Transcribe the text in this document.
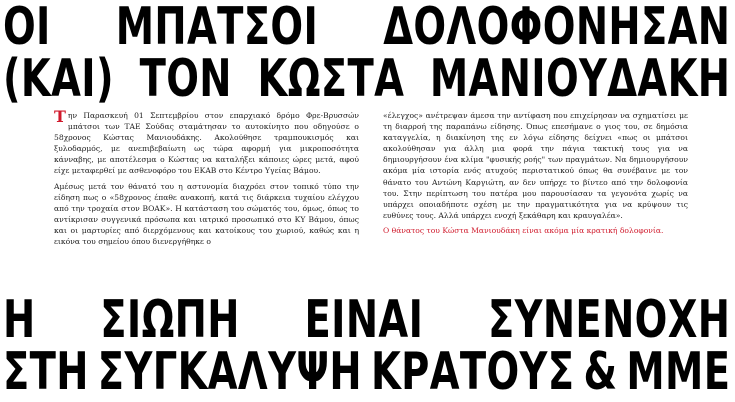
ΟΙ ΜΠΑΤΣΟΙ ΔΟΛΟΦΟΝΗΣΑΝ
(ΚΑΙ) ΤΟΝ ΚΩΣΤΑ ΜΑΝΙΟΥΔΑΚΗ

Την Παρασκευή 01 Σεπτεμβρίου στον επαρχιακό δρόμο Φρε-Βρυσσών μπάτσοι των ΤΑΕ Σούδας σταμάτησαν το αυτοκίνητο που οδηγούσε ο 58χρονος Κώστας Μανιουδάκης. Ακολούθησε τραμπουκισμός και ξυλοδαρμός, με ανεπιβεβαίωτη ως τώρα αφορμή για μικροποσότητα κάνναβης, με αποτέλεσμα ο Κώστας να καταλήξει κάποιες ώρες μετά, αφού είχε μεταφερθεί με ασθενοφόρο του ΕΚΑΒ στο Κέντρο Υγείας Βάμου.

Αμέσως μετά τον θάνατό του η αστυνομία διαχρόει στον τοπικό τύπο την είδηση πως ο «58χρονος έπαθε ανακοπή, κατά τις διάρκεια τυχαίου ελέγχου από την τροχαία στον ΒΟΑΚ». Η κατάσταση του σώματός του, όμως, όπως το αντίκρισαν συγγενικά πρόσωπα και ιατρικό προσωπικό στο ΚΥ Βάμου, όπως και οι μαρτυρίες από διερχόμενους και κατοίκους του χωριού, καθώς και η εικόνα του σημείου όπου διενεργήθηκε ο

«έλεγχος» ανέτρεψαν άμεσα την αντίφαση που επιχείρησαν να σχηματίσει με τη διαρροή της παραπάνω είδησης. Όπως επεσήμανε ο γιος του, σε δημόσια καταγγελία, η διακίνηση της εν λόγω είδησης δείχνει «πως οι μπάτσοι ακολούθησαν για άλλη μια φορά την πάγια τακτική τους για να δημιουργήσουν ένα κλίμα "φυσικής ροής" των πραγμάτων. Να δημιουργήσουν ακόμα μία ιστορία ενός ατυχούς περιστατικού όπως θα συνέβαινε με τον θάνατο του Αντώνη Καργιώτη, αν δεν υπήρχε το βίντεο από την δολοφονία του. Στην περίπτωση του πατέρα μου παρουσίασαν τα γεγονότα χωρίς να υπάρχει οποιαδήποτε σχέση με την πραγματικότητα για να κρύψουν τις ευθύνες τους. Αλλά υπάρχει ενοχή ξεκάθαρη και κραυγαλέα».

Ο θάνατος του Κώστα Μανιουδάκη είναι ακόμα μία κρατική δολοφονία.

Η ΣΙΩΠΗ ΕΙΝΑΙ ΣΥΝΕΝΟΧΗ
ΣΤΗ ΣΥΓΚΑΛΥΨΗ ΚΡΑΤΟΥΣ & ΜΜΕ
